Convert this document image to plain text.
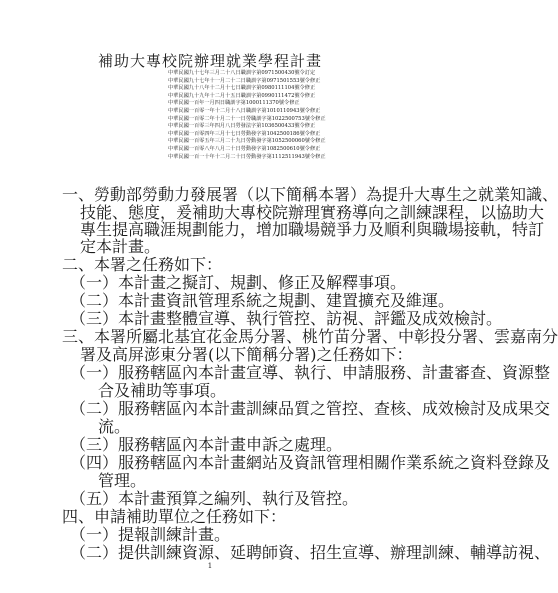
補助大專校院辦理就業學程計畫
中華民國九十七年三月二十八日職訓字第0971500430號令訂定
中華民國九十七年十一月二十二日職訓字第0971501553號令修正
中華民國九十八年十二月十七日職訓字第0980111104號令修正
中華民國九十九年十二月十五日職訓字第0990111472號令修正
中華民國一百年一月四日職訓字第1000111370號令修正
中華民國一百零一年十二月十八日職訓字第1010110943號令修正
中華民國一百零二年十月二十一日勞職訓字第1022500753號令修正
中華民國一百零三年四月八日勞發法字第1036500433號令修正
中華民國一百零四年三月十七日勞動發字第1042500186號令修正
中華民國一百零五年三月二十九日勞動發字第1052500060號令修正
中華民國一百零八年八月二十日勞動發字第1082500610號令修正
中華民國一百一十年十二月二十日勞動發字第1112511943號令修正
一、勞動部勞動力發展署（以下簡稱本署）為提升大專生之就業知識、
技能、態度，爰補助大專校院辦理實務導向之訓練課程，以協助大
專生提高職涯規劃能力，增加職場競爭力及順利與職場接軌，特訂
定本計畫。
二、本署之任務如下：
（一）本計畫之擬訂、規劃、修正及解釋事項。
（二）本計畫資訊管理系統之規劃、建置擴充及維運。
（三）本計畫整體宣導、執行管控、訪視、評鑑及成效檢討。
三、本署所屬北基宜花金馬分署、桃竹苗分署、中彰投分署、雲嘉南分
署及高屏澎東分署(以下簡稱分署)之任務如下：
（一）服務轄區內本計畫宣導、執行、申請服務、計畫審查、資源整
合及補助等事項。
（二）服務轄區內本計畫訓練品質之管控、查核、成效檢討及成果交
流。
（三）服務轄區內本計畫申訴之處理。
（四）服務轄區內本計畫網站及資訊管理相關作業系統之資料登錄及
管理。
（五）本計畫預算之編列、執行及管控。
四、申請補助單位之任務如下：
（一）提報訓練計畫。
（二）提供訓練資源、延聘師資、招生宣導、辦理訓練、輔導訪視、
1
